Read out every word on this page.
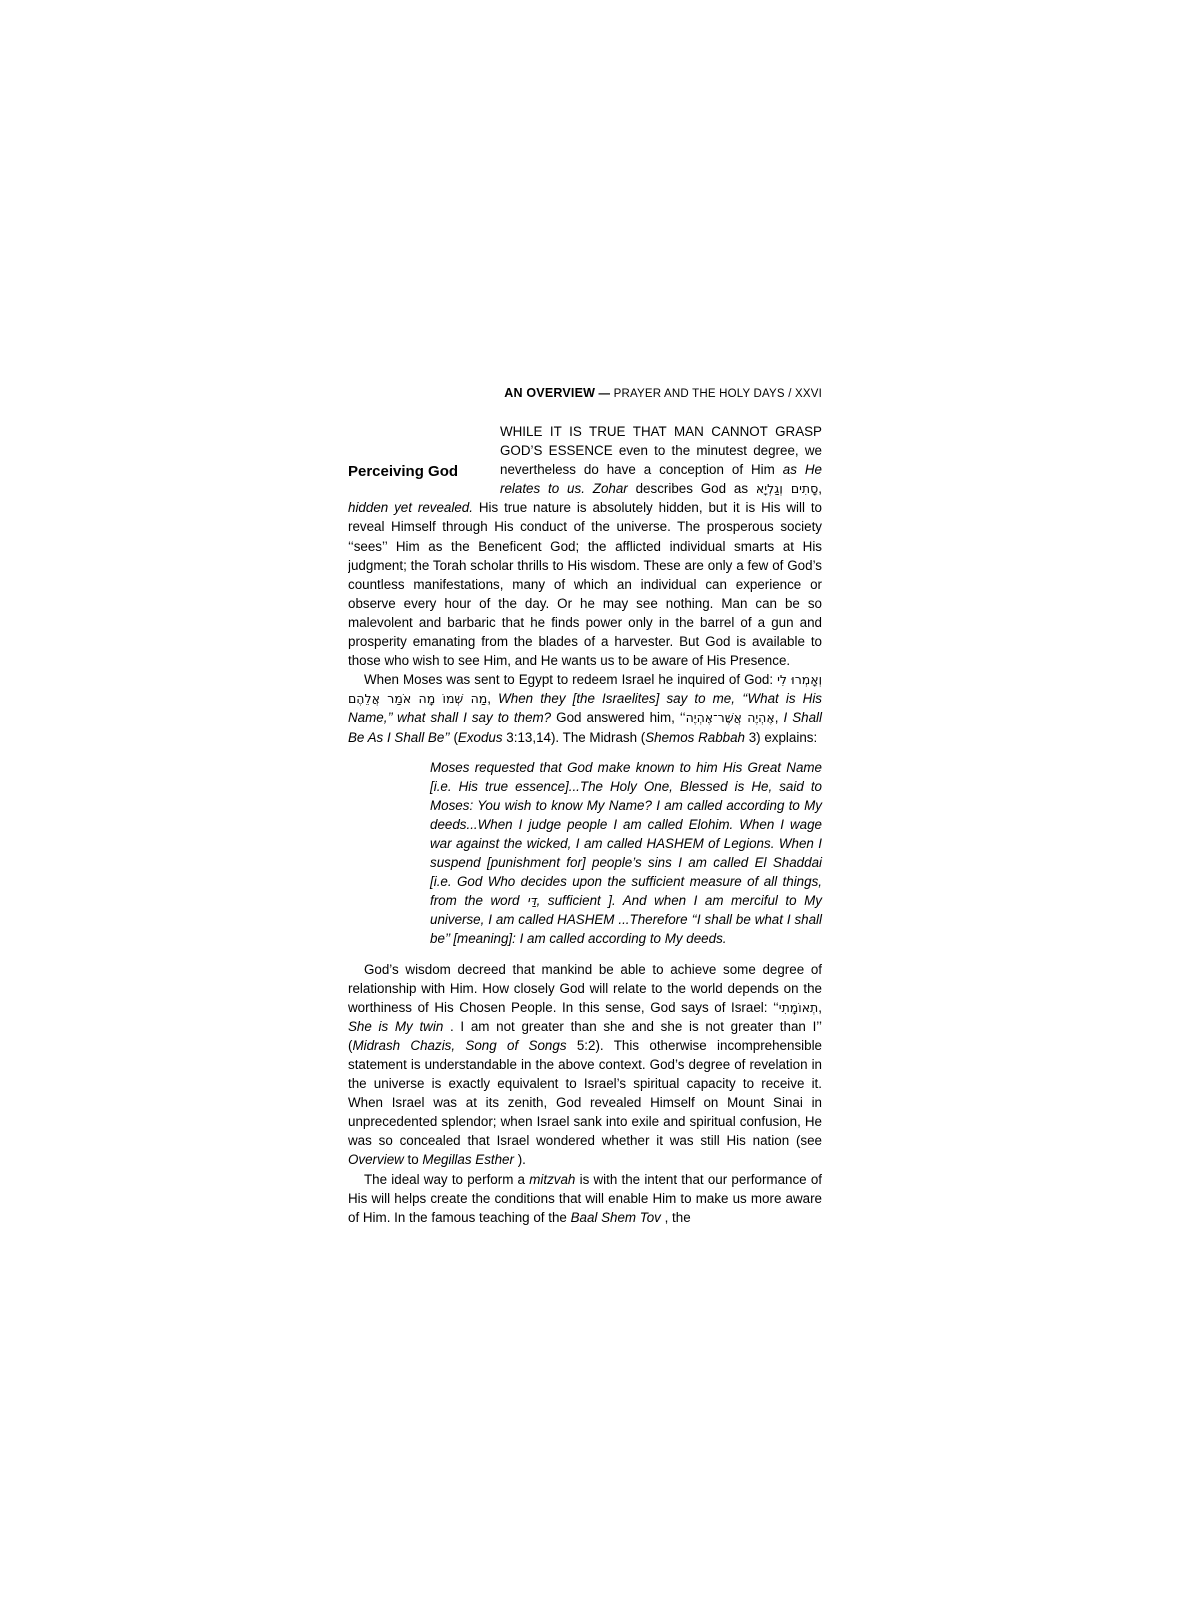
AN OVERVIEW — PRAYER AND THE HOLY DAYS / XXVI
Perceiving God
WHILE IT IS TRUE THAT MAN CANNOT GRASP GOD’S ESSENCE even to the minutest degree, we nevertheless do have a conception of Him as He relates to us. Zohar describes God as סָתִים וְגַלְיָא, hidden yet revealed. His true nature is absolutely hidden, but it is His will to reveal Himself through His conduct of the universe. The prosperous society ‘‘sees’’ Him as the Beneficent God; the afflicted individual smarts at His judgment; the Torah scholar thrills to His wisdom. These are only a few of God’s countless manifestations, many of which an individual can experience or observe every hour of the day. Or he may see nothing. Man can be so malevolent and barbaric that he finds power only in the barrel of a gun and prosperity emanating from the blades of a harvester. But God is available to those who wish to see Him, and He wants us to be aware of His Presence.

When Moses was sent to Egypt to redeem Israel he inquired of God: וְאָמְרוּ לִי מַה שְׁמוֹ מָה אֹמַר אֲלֵהֶם, When they [the Israelites] say to me, ‘‘What is His Name,’’ what shall I say to them? God answered him, ‘‘אֶהְיֶה אֲשֶׁר־אֶהְיֶה, I Shall Be As I Shall Be’’ (Exodus 3:13,14). The Midrash (Shemos Rabbah 3) explains:

Moses requested that God make known to him His Great Name [i.e. His true essence]...The Holy One, Blessed is He, said to Moses: You wish to know My Name? I am called according to My deeds...When I judge people I am called Elohim. When I wage war against the wicked, I am called HASHEM of Legions. When I suspend [punishment for] people’s sins I am called El Shaddai [i.e. God Who decides upon the sufficient measure of all things, from the word דַּי, sufficient ]. And when I am merciful to My universe, I am called HASHEM ...Therefore ‘‘I shall be what I shall be’’ [meaning]: I am called according to My deeds.

God’s wisdom decreed that mankind be able to achieve some degree of relationship with Him. How closely God will relate to the world depends on the worthiness of His Chosen People. In this sense, God says of Israel: ‘‘תְאוֹמָתִי, She is My twin . I am not greater than she and she is not greater than I’’ (Midrash Chazis, Song of Songs 5:2). This otherwise incomprehensible statement is understandable in the above context. God’s degree of revelation in the universe is exactly equivalent to Israel’s spiritual capacity to receive it. When Israel was at its zenith, God revealed Himself on Mount Sinai in unprecedented splendor; when Israel sank into exile and spiritual confusion, He was so concealed that Israel wondered whether it was still His nation (see Overview to Megillas Esther ).

The ideal way to perform a mitzvah is with the intent that our performance of His will helps create the conditions that will enable Him to make us more aware of Him. In the famous teaching of the Baal Shem Tov , the
